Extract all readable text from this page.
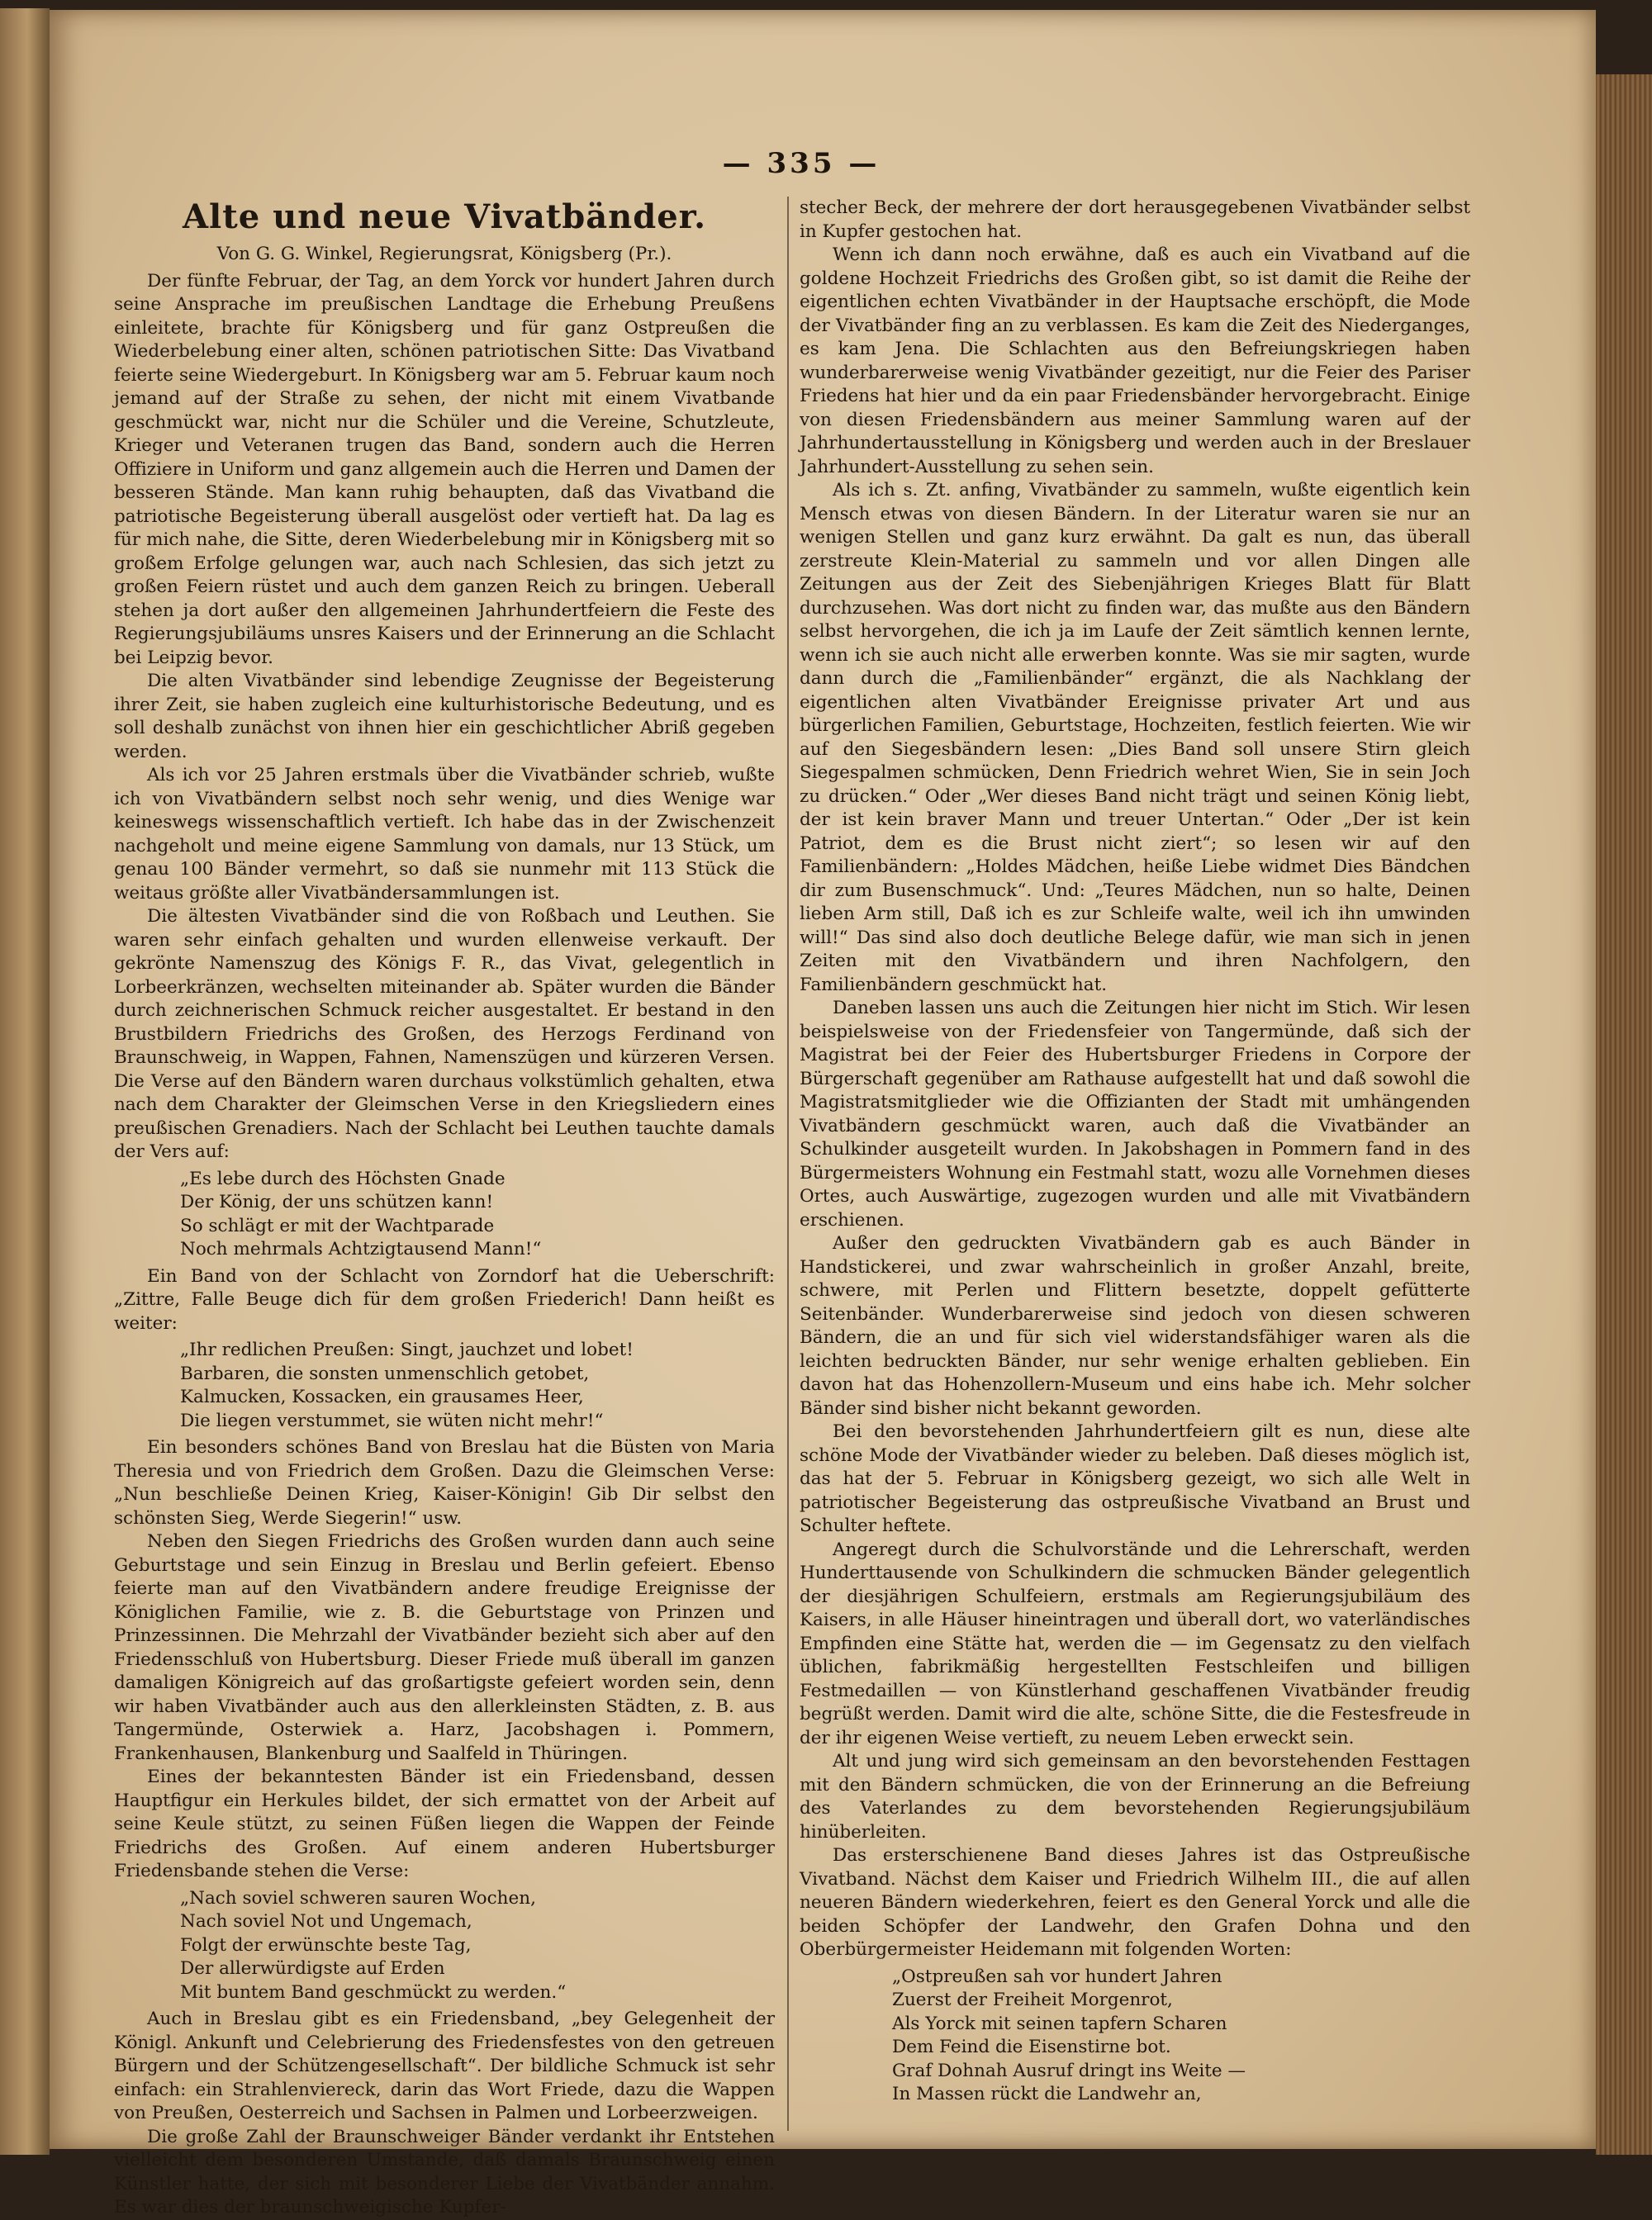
— 335 —
Alte und neue Vivatbänder.
Von G. G. Winkel, Regierungsrat, Königsberg (Pr.).

Der fünfte Februar, der Tag, an dem Yorck vor hundert Jahren durch seine Ansprache im preußischen Landtage die Erhebung Preußens einleitete, brachte für Königsberg und für ganz Ostpreußen die Wiederbelebung einer alten, schönen patriotischen Sitte: Das Vivatband feierte seine Wiedergeburt. In Königsberg war am 5. Februar kaum noch jemand auf der Straße zu sehen, der nicht mit einem Vivatbande geschmückt war, nicht nur die Schüler und die Vereine, Schutzleute, Krieger und Veteranen trugen das Band, sondern auch die Herren Offiziere in Uniform und ganz allgemein auch die Herren und Damen der besseren Stände. Man kann ruhig behaupten, daß das Vivatband die patriotische Begeisterung überall ausgelöst oder vertieft hat. Da lag es für mich nahe, die Sitte, deren Wiederbelebung mir in Königsberg mit so großem Erfolge gelungen war, auch nach Schlesien, das sich jetzt zu großen Feiern rüstet und auch dem ganzen Reich zu bringen. Ueberall stehen ja dort außer den allgemeinen Jahrhundertfeiern die Feste des Regierungsjubiläums unsres Kaisers und der Erinnerung an die Schlacht bei Leipzig bevor.

Die alten Vivatbänder sind lebendige Zeugnisse der Begeisterung ihrer Zeit, sie haben zugleich eine kulturhistorische Bedeutung, und es soll deshalb zunächst von ihnen hier ein geschichtlicher Abriß gegeben werden.

Als ich vor 25 Jahren erstmals über die Vivatbänder schrieb, wußte ich von Vivatbändern selbst noch sehr wenig, und dies Wenige war keineswegs wissenschaftlich vertieft. Ich habe das in der Zwischenzeit nachgeholt und meine eigene Sammlung von damals, nur 13 Stück, um genau 100 Bänder vermehrt, so daß sie nunmehr mit 113 Stück die weitaus größte aller Vivatbändersammlungen ist.

Die ältesten Vivatbänder sind die von Roßbach und Leuthen. Sie waren sehr einfach gehalten und wurden ellenweise verkauft. Der gekrönte Namenszug des Königs F. R., das Vivat, gelegentlich in Lorbeerkränzen, wechselten miteinander ab. Später wurden die Bänder durch zeichnerischen Schmuck reicher ausgestaltet. Er bestand in den Brustbildern Friedrichs des Großen, des Herzogs Ferdinand von Braunschweig, in Wappen, Fahnen, Namenszügen und kürzeren Versen. Die Verse auf den Bändern waren durchaus volkstümlich gehalten, etwa nach dem Charakter der Gleimschen Verse in den Kriegsliedern eines preußischen Grenadiers. Nach der Schlacht bei Leuthen tauchte damals der Vers auf:

„Es lebe durch des Höchsten Gnade
Der König, der uns schützen kann!
So schlägt er mit der Wachtparade
Noch mehrmals Achtzigtausend Mann!“

Ein Band von der Schlacht von Zorndorf hat die Ueberschrift: „Zittre, Falle Beuge dich für dem großen Friederich! Dann heißt es weiter:

„Ihr redlichen Preußen: Singt, jauchzet und lobet!
Barbaren, die sonsten unmenschlich getobet,
Kalmucken, Kossacken, ein grausames Heer,
Die liegen verstummet, sie wüten nicht mehr!“

Ein besonders schönes Band von Breslau hat die Büsten von Maria Theresia und von Friedrich dem Großen. Dazu die Gleimschen Verse: „Nun beschließe Deinen Krieg, Kaiser-Königin! Gib Dir selbst den schönsten Sieg, Werde Siegerin!“ usw.

Neben den Siegen Friedrichs des Großen wurden dann auch seine Geburtstage und sein Einzug in Breslau und Berlin gefeiert. Ebenso feierte man auf den Vivatbändern andere freudige Ereignisse der Königlichen Familie, wie z. B. die Geburtstage von Prinzen und Prinzessinnen. Die Mehrzahl der Vivatbänder bezieht sich aber auf den Friedensschluß von Hubertsburg. Dieser Friede muß überall im ganzen damaligen Königreich auf das großartigste gefeiert worden sein, denn wir haben Vivatbänder auch aus den allerkleinsten Städten, z. B. aus Tangermünde, Osterwiek a. Harz, Jacobshagen i. Pommern, Frankenhausen, Blankenburg und Saalfeld in Thüringen.

Eines der bekanntesten Bänder ist ein Friedensband, dessen Hauptfigur ein Herkules bildet, der sich ermattet von der Arbeit auf seine Keule stützt, zu seinen Füßen liegen die Wappen der Feinde Friedrichs des Großen. Auf einem anderen Hubertsburger Friedensbande stehen die Verse:

„Nach soviel schweren sauren Wochen,
Nach soviel Not und Ungemach,
Folgt der erwünschte beste Tag,
Der allerwürdigste auf Erden
Mit buntem Band geschmückt zu werden.“

Auch in Breslau gibt es ein Friedensband, „bey Gelegenheit der Königl. Ankunft und Celebrierung des Friedensfestes von den getreuen Bürgern und der Schützengesellschaft“. Der bildliche Schmuck ist sehr einfach: ein Strahlenviereck, darin das Wort Friede, dazu die Wappen von Preußen, Oesterreich und Sachsen in Palmen und Lorbeerzweigen.

Die große Zahl der Braunschweiger Bänder verdankt ihr Entstehen vielleicht dem besonderen Umstande, daß damals Braunschweig einen Künstler hatte, der sich mit besonderer Liebe der Vivatbänder annahm. Es war dies der braunschweigische Kupfer-

stecher Beck, der mehrere der dort herausgegebenen Vivatbänder selbst in Kupfer gestochen hat.

Wenn ich dann noch erwähne, daß es auch ein Vivatband auf die goldene Hochzeit Friedrichs des Großen gibt, so ist damit die Reihe der eigentlichen echten Vivatbänder in der Hauptsache erschöpft, die Mode der Vivatbänder fing an zu verblassen. Es kam die Zeit des Niederganges, es kam Jena. Die Schlachten aus den Befreiungskriegen haben wunderbarerweise wenig Vivatbänder gezeitigt, nur die Feier des Pariser Friedens hat hier und da ein paar Friedensbänder hervorgebracht. Einige von diesen Friedensbändern aus meiner Sammlung waren auf der Jahrhundertausstellung in Königsberg und werden auch in der Breslauer Jahrhundert-Ausstellung zu sehen sein.

Als ich s. Zt. anfing, Vivatbänder zu sammeln, wußte eigentlich kein Mensch etwas von diesen Bändern. In der Literatur waren sie nur an wenigen Stellen und ganz kurz erwähnt. Da galt es nun, das überall zerstreute Klein-Material zu sammeln und vor allen Dingen alle Zeitungen aus der Zeit des Siebenjährigen Krieges Blatt für Blatt durchzusehen. Was dort nicht zu finden war, das mußte aus den Bändern selbst hervorgehen, die ich ja im Laufe der Zeit sämtlich kennen lernte, wenn ich sie auch nicht alle erwerben konnte. Was sie mir sagten, wurde dann durch die „Familienbänder“ ergänzt, die als Nachklang der eigentlichen alten Vivatbänder Ereignisse privater Art und aus bürgerlichen Familien, Geburtstage, Hochzeiten, festlich feierten. Wie wir auf den Siegesbändern lesen: „Dies Band soll unsere Stirn gleich Siegespalmen schmücken, Denn Friedrich wehret Wien, Sie in sein Joch zu drücken.“ Oder „Wer dieses Band nicht trägt und seinen König liebt, der ist kein braver Mann und treuer Untertan.“ Oder „Der ist kein Patriot, dem es die Brust nicht ziert“; so lesen wir auf den Familienbändern: „Holdes Mädchen, heiße Liebe widmet Dies Bändchen dir zum Busenschmuck“. Und: „Teures Mädchen, nun so halte, Deinen lieben Arm still, Daß ich es zur Schleife walte, weil ich ihn umwinden will!“ Das sind also doch deutliche Belege dafür, wie man sich in jenen Zeiten mit den Vivatbändern und ihren Nachfolgern, den Familienbändern geschmückt hat.

Daneben lassen uns auch die Zeitungen hier nicht im Stich. Wir lesen beispielsweise von der Friedensfeier von Tangermünde, daß sich der Magistrat bei der Feier des Hubertsburger Friedens in Corpore der Bürgerschaft gegenüber am Rathause aufgestellt hat und daß sowohl die Magistratsmitglieder wie die Offizianten der Stadt mit umhängenden Vivatbändern geschmückt waren, auch daß die Vivatbänder an Schulkinder ausgeteilt wurden. In Jakobshagen in Pommern fand in des Bürgermeisters Wohnung ein Festmahl statt, wozu alle Vornehmen dieses Ortes, auch Auswärtige, zugezogen wurden und alle mit Vivatbändern erschienen.

Außer den gedruckten Vivatbändern gab es auch Bänder in Handstickerei, und zwar wahrscheinlich in großer Anzahl, breite, schwere, mit Perlen und Flittern besetzte, doppelt gefütterte Seitenbänder. Wunderbarerweise sind jedoch von diesen schweren Bändern, die an und für sich viel widerstandsfähiger waren als die leichten bedruckten Bänder, nur sehr wenige erhalten geblieben. Ein davon hat das Hohenzollern-Museum und eins habe ich. Mehr solcher Bänder sind bisher nicht bekannt geworden.

Bei den bevorstehenden Jahrhundertfeiern gilt es nun, diese alte schöne Mode der Vivatbänder wieder zu beleben. Daß dieses möglich ist, das hat der 5. Februar in Königsberg gezeigt, wo sich alle Welt in patriotischer Begeisterung das ostpreußische Vivatband an Brust und Schulter heftete.

Angeregt durch die Schulvorstände und die Lehrerschaft, werden Hunderttausende von Schulkindern die schmucken Bänder gelegentlich der diesjährigen Schulfeiern, erstmals am Regierungsjubiläum des Kaisers, in alle Häuser hineintragen und überall dort, wo vaterländisches Empfinden eine Stätte hat, werden die — im Gegensatz zu den vielfach üblichen, fabrikmäßig hergestellten Festschleifen und billigen Festmedaillen — von Künstlerhand geschaffenen Vivatbänder freudig begrüßt werden. Damit wird die alte, schöne Sitte, die die Festesfreude in der ihr eigenen Weise vertieft, zu neuem Leben erweckt sein.

Alt und jung wird sich gemeinsam an den bevorstehenden Festtagen mit den Bändern schmücken, die von der Erinnerung an die Befreiung des Vaterlandes zu dem bevorstehenden Regierungsjubiläum hinüberleiten.

Das ersterschienene Band dieses Jahres ist das Ostpreußische Vivatband. Nächst dem Kaiser und Friedrich Wilhelm III., die auf allen neueren Bändern wiederkehren, feiert es den General Yorck und alle die beiden Schöpfer der Landwehr, den Grafen Dohna und den Oberbürgermeister Heidemann mit folgenden Worten:

„Ostpreußen sah vor hundert Jahren
Zuerst der Freiheit Morgenrot,
Als Yorck mit seinen tapfern Scharen
Dem Feind die Eisenstirne bot.
Graf Dohnah Ausruf dringt ins Weite —
In Massen rückt die Landwehr an,
